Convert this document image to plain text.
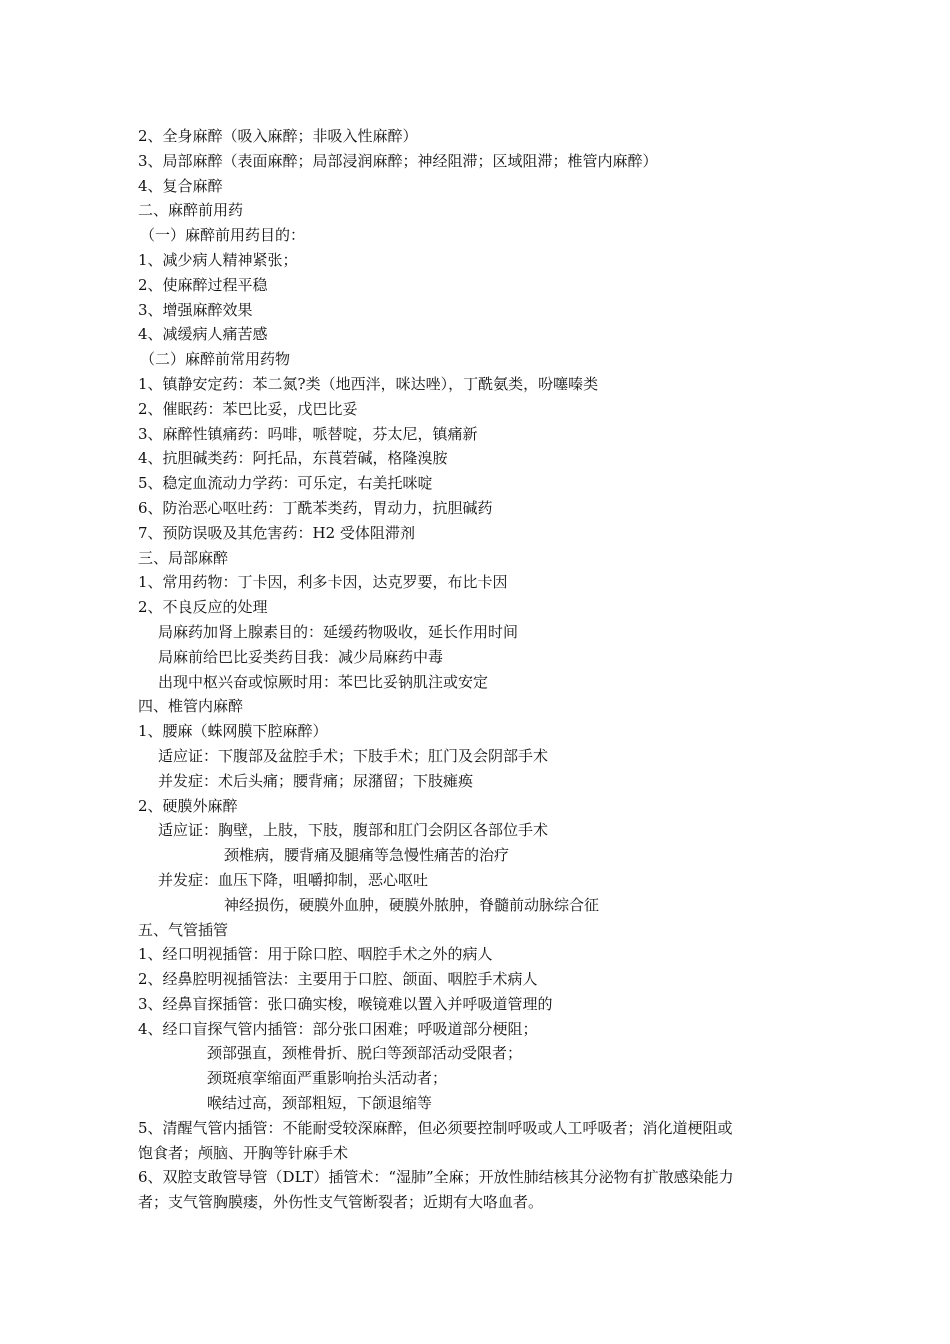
2、全身麻醉（吸入麻醉；非吸入性麻醉）
3、局部麻醉（表面麻醉；局部浸润麻醉；神经阻滞；区域阻滞；椎管内麻醉）
4、复合麻醉
二、麻醉前用药
（一）麻醉前用药目的：
1、减少病人精神紧张；
2、使麻醉过程平稳
3、增强麻醉效果
4、减缓病人痛苦感
（二）麻醉前常用药物
1、镇静安定药：苯二氮?类（地西泮，咪达唑），丁酰氨类，吩噻嗪类
2、催眠药：苯巴比妥，戊巴比妥
3、麻醉性镇痛药：吗啡，哌替啶，芬太尼，镇痛新
4、抗胆碱类药：阿托品，东莨菪碱，格隆溴胺
5、稳定血流动力学药：可乐定，右美托咪啶
6、防治恶心呕吐药：丁酰苯类药，胃动力，抗胆碱药
7、预防误吸及其危害药：H2 受体阻滞剂
三、局部麻醉
1、常用药物：丁卡因，利多卡因，达克罗要，布比卡因
2、不良反应的处理
局麻药加肾上腺素目的：延缓药物吸收，延长作用时间
局麻前给巴比妥类药目我：减少局麻药中毒
出现中枢兴奋或惊厥时用：苯巴比妥钠肌注或安定
四、椎管内麻醉
1、腰麻（蛛网膜下腔麻醉）
适应证：下腹部及盆腔手术；下肢手术；肛门及会阴部手术
并发症：术后头痛；腰背痛；尿潴留；下肢瘫痪
2、硬膜外麻醉
适应证：胸壁，上肢，下肢，腹部和肛门会阴区各部位手术
颈椎病，腰背痛及腿痛等急慢性痛苦的治疗
并发症：血压下降，咀嚼抑制，恶心呕吐
神经损伤，硬膜外血肿，硬膜外脓肿，脊髓前动脉综合征
五、气管插管
1、经口明视插管：用于除口腔、咽腔手术之外的病人
2、经鼻腔明视插管法：主要用于口腔、颌面、咽腔手术病人
3、经鼻盲探插管：张口确实梭，喉镜难以置入并呼吸道管理的
4、经口盲探气管内插管：部分张口困难；呼吸道部分梗阻；
颈部强直，颈椎骨折、脱臼等颈部活动受限者；
颈斑痕挛缩面严重影响抬头活动者；
喉结过高，颈部粗短，下颌退缩等
5、清醒气管内插管：不能耐受较深麻醉，但必须要控制呼吸或人工呼吸者；消化道梗阻或
饱食者；颅脑、开胸等针麻手术
6、双腔支敢管导管（DLT）插管术：“湿肺”全麻；开放性肺结核其分泌物有扩散感染能力
者；支气管胸膜瘘，外伤性支气管断裂者；近期有大咯血者。
